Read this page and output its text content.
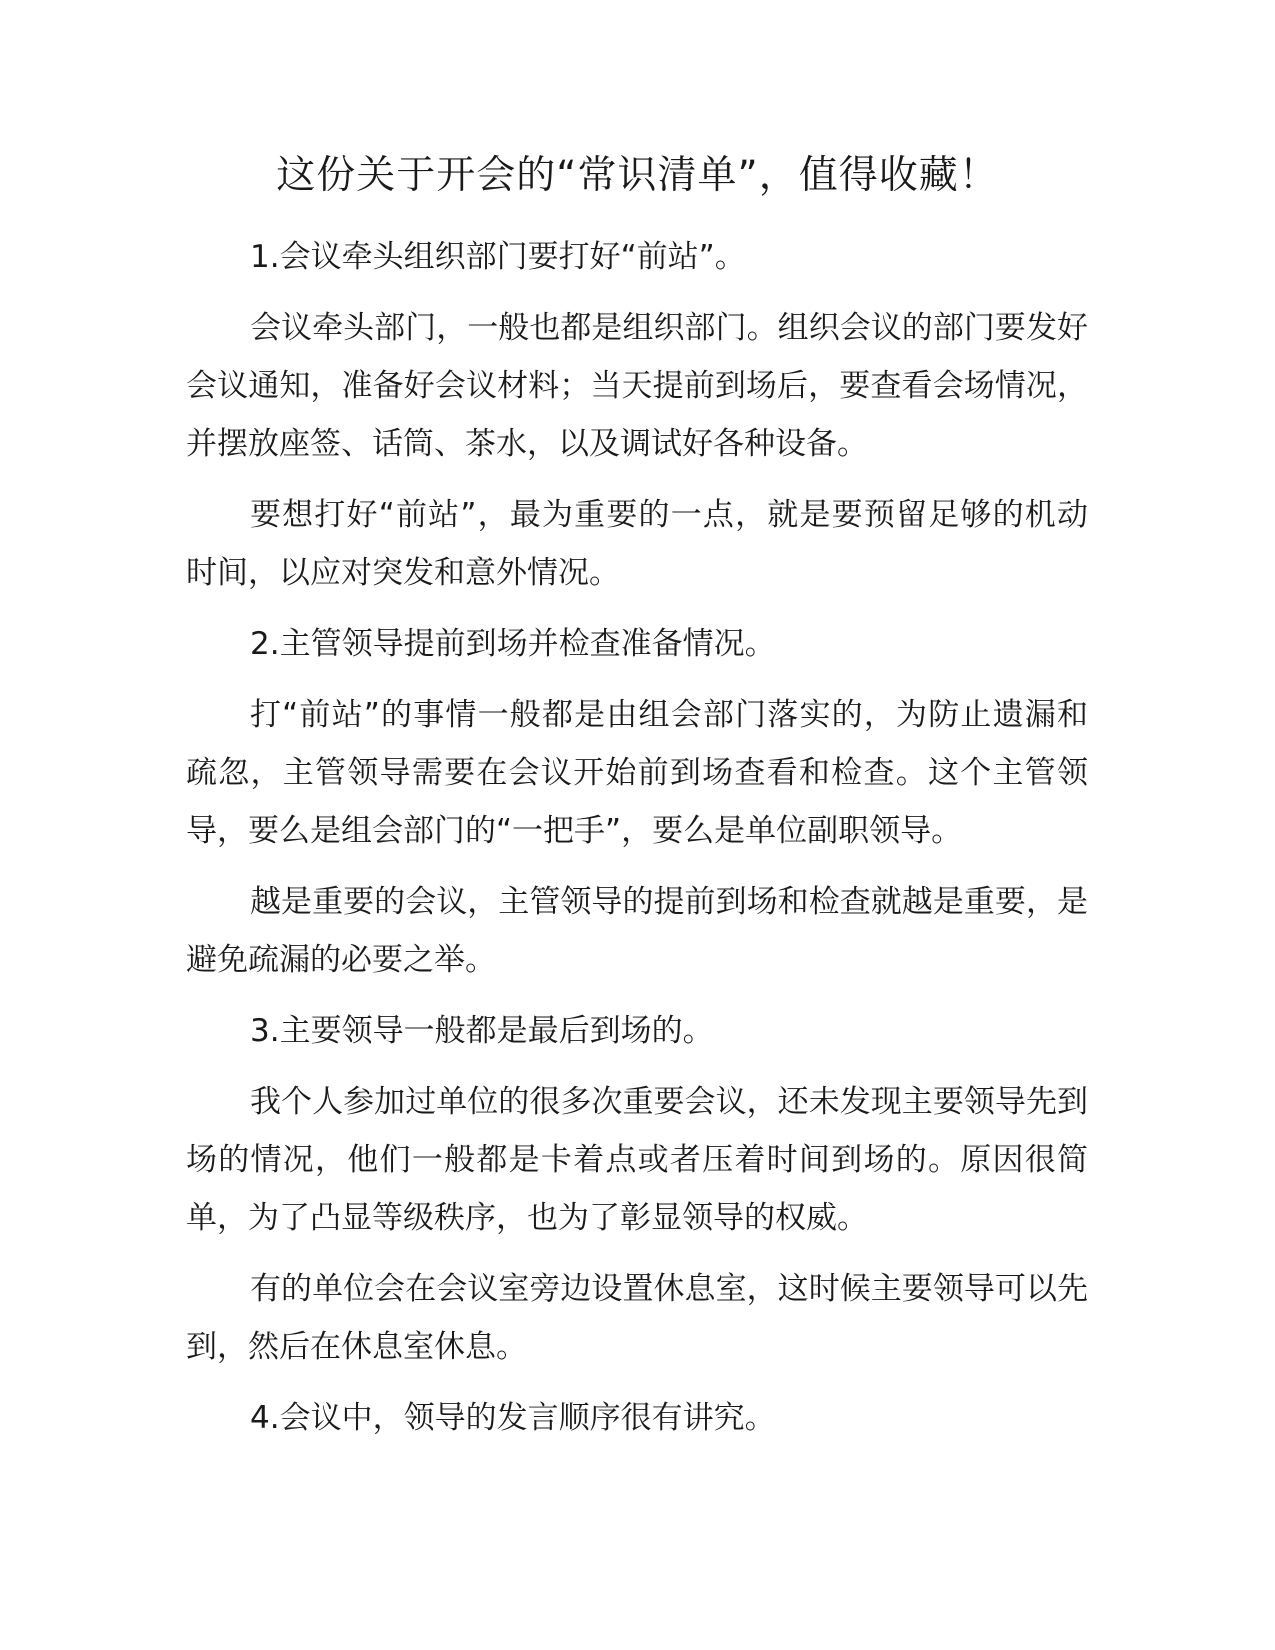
这份关于开会的“常识清单”，值得收藏！

1.会议牵头组织部门要打好“前站”。

会议牵头部门，一般也都是组织部门。组织会议的部门要发好会议通知，准备好会议材料；当天提前到场后，要查看会场情况，并摆放座签、话筒、茶水，以及调试好各种设备。

要想打好“前站”，最为重要的一点，就是要预留足够的机动时间，以应对突发和意外情况。

2.主管领导提前到场并检查准备情况。

打“前站”的事情一般都是由组会部门落实的，为防止遗漏和疏忽，主管领导需要在会议开始前到场查看和检查。这个主管领导，要么是组会部门的“一把手”，要么是单位副职领导。

越是重要的会议，主管领导的提前到场和检查就越是重要，是避免疏漏的必要之举。

3.主要领导一般都是最后到场的。

我个人参加过单位的很多次重要会议，还未发现主要领导先到场的情况，他们一般都是卡着点或者压着时间到场的。原因很简单，为了凸显等级秩序，也为了彰显领导的权威。

有的单位会在会议室旁边设置休息室，这时候主要领导可以先到，然后在休息室休息。

4.会议中，领导的发言顺序很有讲究。
